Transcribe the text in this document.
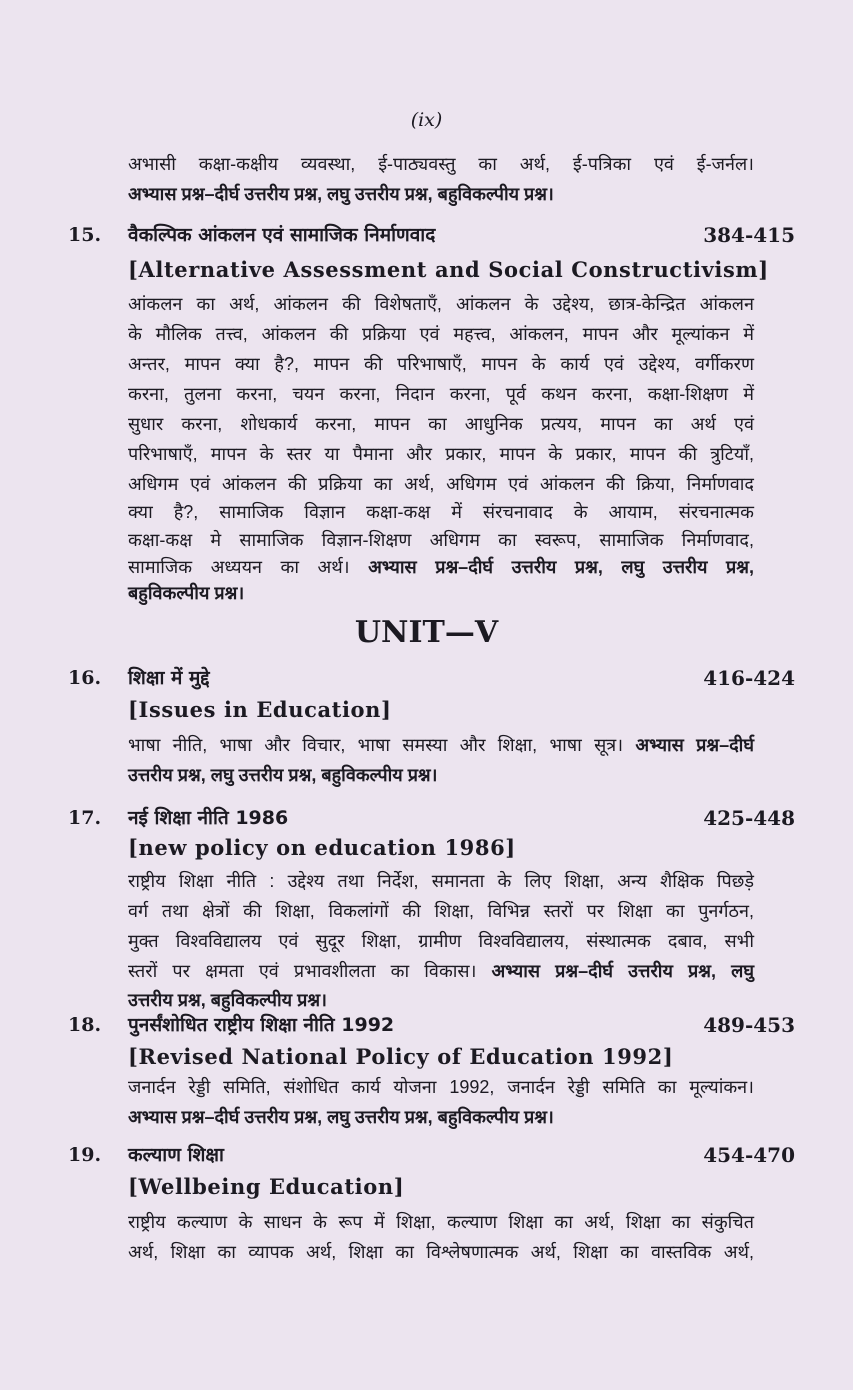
(ix)
UNIT—V
अभासी कक्षा-कक्षीय व्यवस्था, ई-पाठ्यवस्तु का अर्थ, ई-पत्रिका एवं ई-जर्नल।
अभ्यास प्रश्न–दीर्घ उत्तरीय प्रश्न, लघु उत्तरीय प्रश्न, बहुविकल्पीय प्रश्न।
15. वैकल्पिक आंकलन एवं सामाजिक निर्माणवाद	384-415
[Alternative Assessment and Social Constructivism]
आंकलन का अर्थ, आंकलन की विशेषताएँ, आंकलन के उद्देश्य, छात्र-केन्द्रित आंकलन
के मौलिक तत्त्व, आंकलन की प्रक्रिया एवं महत्त्व, आंकलन, मापन और मूल्यांकन में
अन्तर, मापन क्या है?, मापन की परिभाषाएँ, मापन के कार्य एवं उद्देश्य, वर्गीकरण
करना, तुलना करना, चयन करना, निदान करना, पूर्व कथन करना, कक्षा-शिक्षण में
सुधार करना, शोधकार्य करना, मापन का आधुनिक प्रत्यय, मापन का अर्थ एवं
परिभाषाएँ, मापन के स्तर या पैमाना और प्रकार, मापन के प्रकार, मापन की त्रुटियाँ,
अधिगम एवं आंकलन की प्रक्रिया का अर्थ, अधिगम एवं आंकलन की क्रिया, निर्माणवाद
क्या है?, सामाजिक विज्ञान कक्षा-कक्ष में संरचनावाद के आयाम, संरचनात्मक
कक्षा-कक्ष मे सामाजिक विज्ञान-शिक्षण अधिगम का स्वरूप, सामाजिक निर्माणवाद,
सामाजिक अध्ययन का अर्थ। अभ्यास प्रश्न–दीर्घ उत्तरीय प्रश्न, लघु उत्तरीय प्रश्न,
बहुविकल्पीय प्रश्न।
16. शिक्षा में मुद्दे	416-424
[Issues in Education]
भाषा नीति, भाषा और विचार, भाषा समस्या और शिक्षा, भाषा सूत्र। अभ्यास प्रश्न–दीर्घ
उत्तरीय प्रश्न, लघु उत्तरीय प्रश्न, बहुविकल्पीय प्रश्न।
17. नई शिक्षा नीति 1986	425-448
[new policy on education 1986]
राष्ट्रीय शिक्षा नीति : उद्देश्य तथा निर्देश, समानता के लिए शिक्षा, अन्य शैक्षिक पिछड़े
वर्ग तथा क्षेत्रों की शिक्षा, विकलांगों की शिक्षा, विभिन्न स्तरों पर शिक्षा का पुनर्गठन,
मुक्त विश्वविद्यालय एवं सुदूर शिक्षा, ग्रामीण विश्वविद्यालय, संस्थात्मक दबाव, सभी
स्तरों पर क्षमता एवं प्रभावशीलता का विकास। अभ्यास प्रश्न–दीर्घ उत्तरीय प्रश्न, लघु
उत्तरीय प्रश्न, बहुविकल्पीय प्रश्न।
18. पुनर्संशोधित राष्ट्रीय शिक्षा नीति 1992	489-453
[Revised National Policy of Education 1992]
जनार्दन रेड्डी समिति, संशोधित कार्य योजना 1992, जनार्दन रेड्डी समिति का मूल्यांकन।
अभ्यास प्रश्न–दीर्घ उत्तरीय प्रश्न, लघु उत्तरीय प्रश्न, बहुविकल्पीय प्रश्न।
19. कल्याण शिक्षा	454-470
[Wellbeing Education]
राष्ट्रीय कल्याण के साधन के रूप में शिक्षा, कल्याण शिक्षा का अर्थ, शिक्षा का संकुचित
अर्थ, शिक्षा का व्यापक अर्थ, शिक्षा का विश्लेषणात्मक अर्थ, शिक्षा का वास्तविक अर्थ,
